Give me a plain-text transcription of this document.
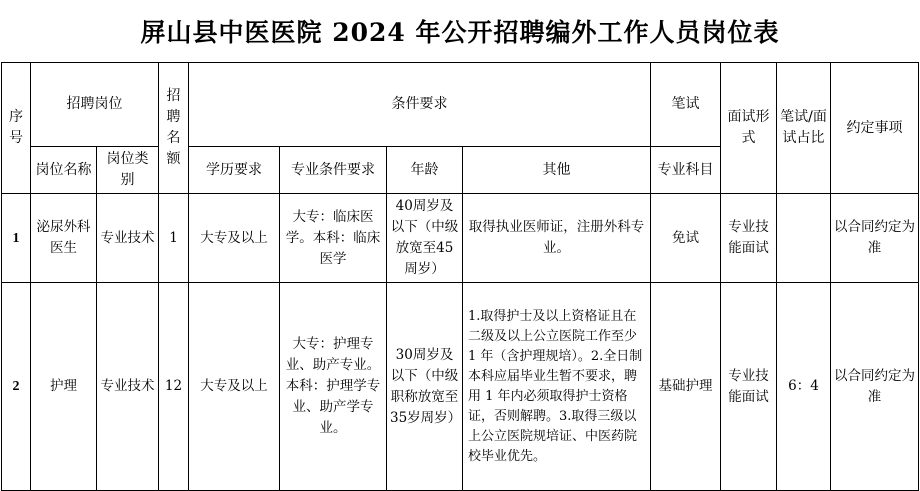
屏山县中医医院 2024 年公开招聘编外工作人员岗位表
序号	招聘岗位		招聘名额	条件要求				笔试	面试形式	笔试/面试占比	约定事项
	岗位名称	岗位类别		学历要求	专业条件要求	年龄	其他	专业科目			
1	泌尿外科医生	专业技术	1	大专及以上	大专：临床医学。本科：临床医学	40周岁及以下（中级放宽至45周岁）	取得执业医师证，注册外科专业。	免试	专业技能面试		以合同约定为准
2	护理	专业技术	12	大专及以上	大专：护理专业、助产专业。本科：护理学专业、助产学专业。	30周岁及以下（中级职称放宽至 35岁周岁）	1.取得护士及以上资格证且在二级及以上公立医院工作至少 1 年（含护理规培）。2.全日制本科应届毕业生暂不要求，聘用 1 年内必须取得护士资格证，否则解聘。3.取得三级以上公立医院规培证、中医药院校毕业优先。	基础护理	专业技能面试	6：4	以合同约定为准
